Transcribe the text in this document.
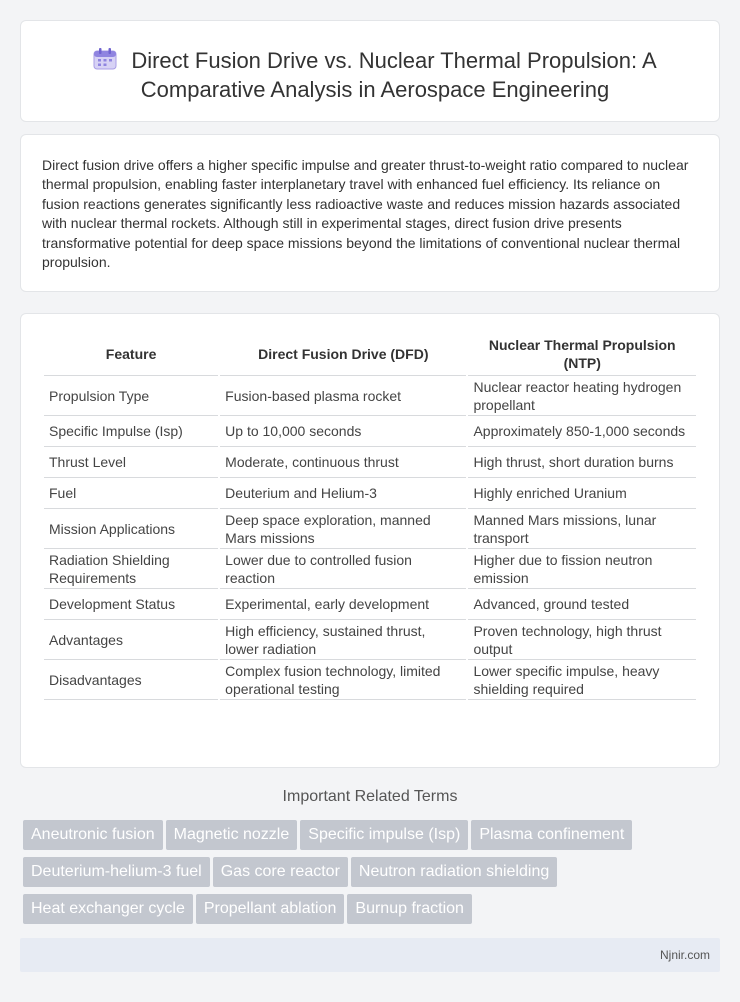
Direct Fusion Drive vs. Nuclear Thermal Propulsion: A Comparative Analysis in Aerospace Engineering

Direct fusion drive offers a higher specific impulse and greater thrust-to-weight ratio compared to nuclear thermal propulsion, enabling faster interplanetary travel with enhanced fuel efficiency. Its reliance on fusion reactions generates significantly less radioactive waste and reduces mission hazards associated with nuclear thermal rockets. Although still in experimental stages, direct fusion drive presents transformative potential for deep space missions beyond the limitations of conventional nuclear thermal propulsion.

Feature	Direct Fusion Drive (DFD)	Nuclear Thermal Propulsion (NTP)
Propulsion Type	Fusion-based plasma rocket	Nuclear reactor heating hydrogen propellant
Specific Impulse (Isp)	Up to 10,000 seconds	Approximately 850-1,000 seconds
Thrust Level	Moderate, continuous thrust	High thrust, short duration burns
Fuel	Deuterium and Helium-3	Highly enriched Uranium
Mission Applications	Deep space exploration, manned Mars missions	Manned Mars missions, lunar transport
Radiation Shielding Requirements	Lower due to controlled fusion reaction	Higher due to fission neutron emission
Development Status	Experimental, early development	Advanced, ground tested
Advantages	High efficiency, sustained thrust, lower radiation	Proven technology, high thrust output
Disadvantages	Complex fusion technology, limited operational testing	Lower specific impulse, heavy shielding required
Important Related Terms
Aneutronic fusion Magnetic nozzle Specific impulse (Isp) Plasma confinement
Deuterium-helium-3 fuel Gas core reactor Neutron radiation shielding
Heat exchanger cycle Propellant ablation Burnup fraction
Njnir.com
